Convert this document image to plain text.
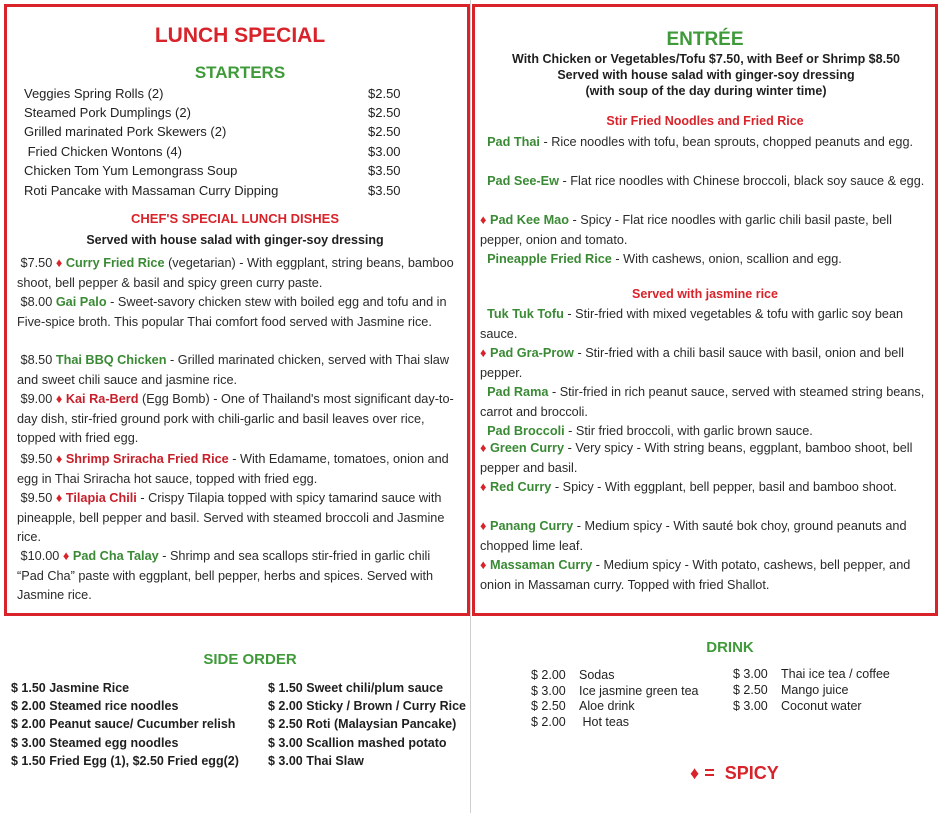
LUNCH SPECIAL
STARTERS
Veggies Spring Rolls (2)	$2.50
Steamed Pork Dumplings (2)	$2.50
Grilled marinated Pork Skewers (2)	$2.50
Fried Chicken Wontons (4)	$3.00
Chicken Tom Yum Lemongrass Soup	$3.50
Roti Pancake with Massaman Curry Dipping	$3.50
CHEF'S SPECIAL LUNCH DISHES
Served with house salad with ginger-soy dressing
$7.50 ♦ Curry Fried Rice (vegetarian) - With eggplant, string beans, bamboo shoot, bell pepper & basil and spicy green curry paste.
$8.00 Gai Palo - Sweet-savory chicken stew with boiled egg and tofu and in Five-spice broth. This popular Thai comfort food served with Jasmine rice.
$8.50 Thai BBQ Chicken - Grilled marinated chicken, served with Thai slaw and sweet chili sauce and jasmine rice.
$9.00 ♦ Kai Ra-Berd (Egg Bomb) - One of Thailand's most significant day-to-day dish, stir-fried ground pork with chili-garlic and basil leaves over rice, topped with fried egg.
$9.50 ♦ Shrimp Sriracha Fried Rice - With Edamame, tomatoes, onion and egg in Thai Sriracha hot sauce, topped with fried egg.
$9.50 ♦ Tilapia Chili - Crispy Tilapia topped with spicy tamarind sauce with pineapple, bell pepper and basil. Served with steamed broccoli and Jasmine rice.
$10.00 ♦ Pad Cha Talay - Shrimp and sea scallops stir-fried in garlic chili “Pad Cha” paste with eggplant, bell pepper, herbs and spices. Served with Jasmine rice.
ENTRÉE
With Chicken or Vegetables/Tofu $7.50, with Beef or Shrimp $8.50
Served with house salad with ginger-soy dressing
(with soup of the day during winter time)
Stir Fried Noodles and Fried Rice
Pad Thai - Rice noodles with tofu, bean sprouts, chopped peanuts and egg.
Pad See-Ew - Flat rice noodles with Chinese broccoli, black soy sauce & egg.
♦ Pad Kee Mao - Spicy - Flat rice noodles with garlic chili basil paste, bell pepper, onion and tomato.
Pineapple Fried Rice - With cashews, onion, scallion and egg.
Served with jasmine rice
Tuk Tuk Tofu - Stir-fried with mixed vegetables & tofu with garlic soy bean sauce.
♦ Pad Gra-Prow - Stir-fried with a chili basil sauce with basil, onion and bell pepper.
Pad Rama - Stir-fried in rich peanut sauce, served with steamed string beans, carrot and broccoli.
Pad Broccoli - Stir fried broccoli, with garlic brown sauce.
♦ Green Curry - Very spicy - With string beans, eggplant, bamboo shoot, bell pepper and basil.
♦ Red Curry - Spicy - With eggplant, bell pepper, basil and bamboo shoot.
♦ Panang Curry - Medium spicy - With sauté bok choy, ground peanuts and chopped lime leaf.
♦ Massaman Curry - Medium spicy - With potato, cashews, bell pepper, and onion in Massaman curry. Topped with fried Shallot.
SIDE ORDER
$ 1.50 Jasmine Rice
$ 2.00 Steamed rice noodles
$ 2.00 Peanut sauce/ Cucumber relish
$ 3.00 Steamed egg noodles
$ 1.50 Fried Egg (1), $2.50 Fried egg(2)
$ 1.50 Sweet chili/plum sauce
$ 2.00 Sticky / Brown / Curry Rice
$ 2.50 Roti (Malaysian Pancake)
$ 3.00 Scallion mashed potato
$ 3.00 Thai Slaw
DRINK
$ 2.00 Sodas
$ 3.00 Ice jasmine green tea
$ 2.50 Aloe drink
$ 2.00 Hot teas
$ 3.00 Thai ice tea / coffee
$ 2.50 Mango juice
$ 3.00 Coconut water
♦ =  SPICY
